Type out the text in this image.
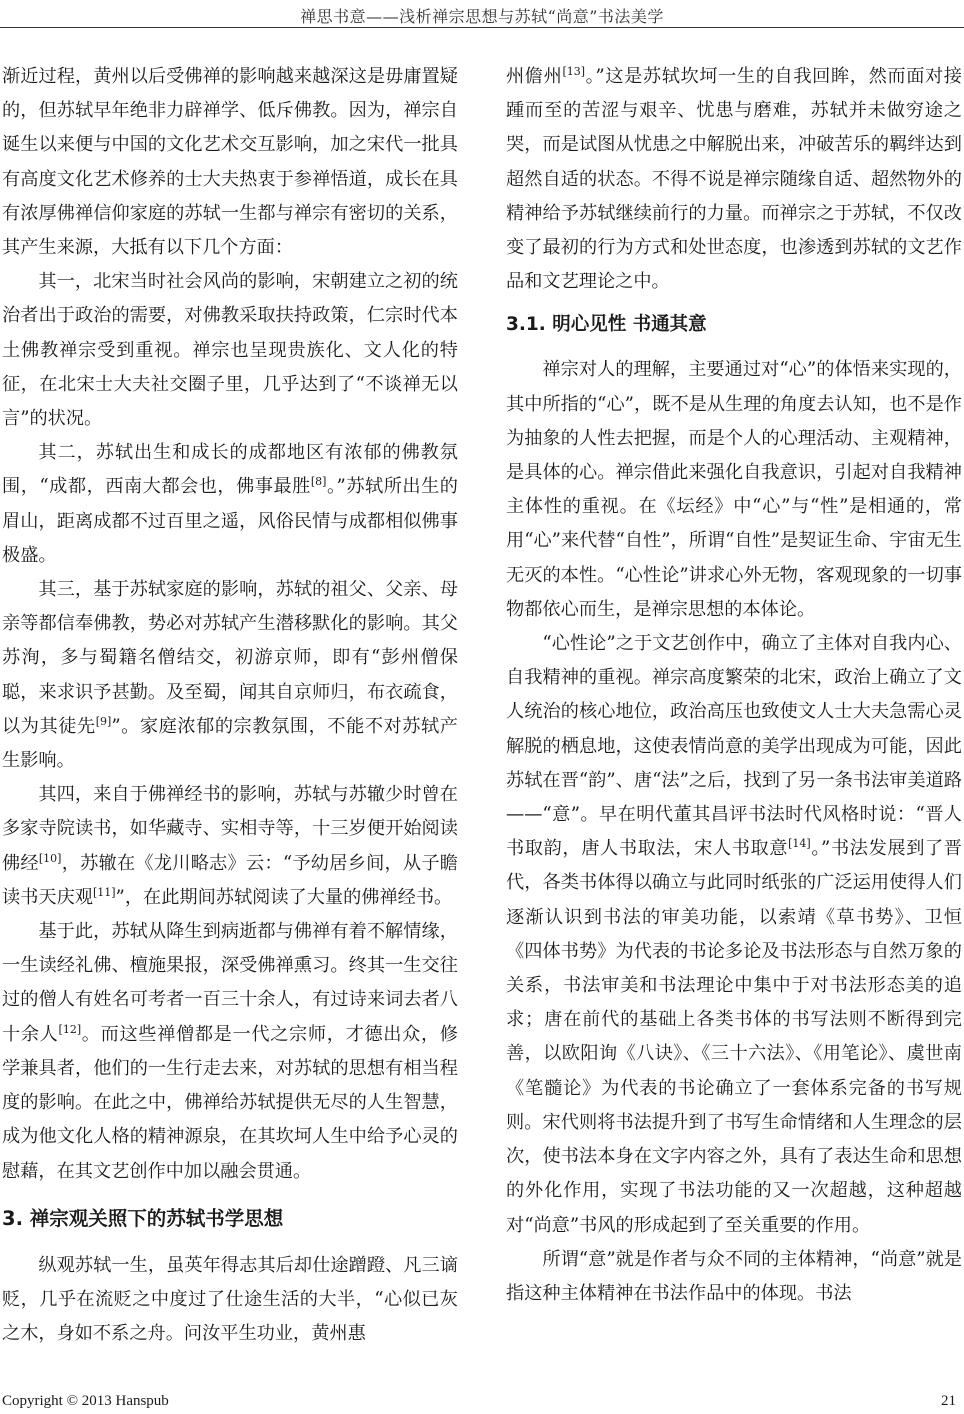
禅思书意——浅析禅宗思想与苏轼“尚意”书法美学

渐近过程，黄州以后受佛禅的影响越来越深这是毋庸置疑的，但苏轼早年绝非力辟禅学、低斥佛教。因为，禅宗自诞生以来便与中国的文化艺术交互影响，加之宋代一批具有高度文化艺术修养的士大夫热衷于参禅悟道，成长在具有浓厚佛禅信仰家庭的苏轼一生都与禅宗有密切的关系，其产生来源，大抵有以下几个方面：

其一，北宋当时社会风尚的影响，宋朝建立之初的统治者出于政治的需要，对佛教采取扶持政策，仁宗时代本土佛教禅宗受到重视。禅宗也呈现贵族化、文人化的特征，在北宋士大夫社交圈子里，几乎达到了“不谈禅无以言”的状况。

其二，苏轼出生和成长的成都地区有浓郁的佛教氛围，“成都，西南大都会也，佛事最胜[8]。”苏轼所出生的眉山，距离成都不过百里之遥，风俗民情与成都相似佛事极盛。

其三，基于苏轼家庭的影响，苏轼的祖父、父亲、母亲等都信奉佛教，势必对苏轼产生潜移默化的影响。其父苏洵，多与蜀籍名僧结交，初游京师，即有“彭州僧保聪，来求识予甚勤。及至蜀，闻其自京师归，布衣疏食，以为其徒先[9]”。家庭浓郁的宗教氛围，不能不对苏轼产生影响。

其四，来自于佛禅经书的影响，苏轼与苏辙少时曾在多家寺院读书，如华藏寺、实相寺等，十三岁便开始阅读佛经[10]，苏辙在《龙川略志》云：“予幼居乡间，从子瞻读书天庆观[11]”，在此期间苏轼阅读了大量的佛禅经书。

基于此，苏轼从降生到病逝都与佛禅有着不解情缘，一生读经礼佛、檀施果报，深受佛禅熏习。终其一生交往过的僧人有姓名可考者一百三十余人，有过诗来词去者八十余人[12]。而这些禅僧都是一代之宗师，才德出众，修学兼具者，他们的一生行走去来，对苏轼的思想有相当程度的影响。在此之中，佛禅给苏轼提供无尽的人生智慧，成为他文化人格的精神源泉，在其坎坷人生中给予心灵的慰藉，在其文艺创作中加以融会贯通。

3. 禅宗观关照下的苏轼书学思想

纵观苏轼一生，虽英年得志其后却仕途蹭蹬、凡三谪贬，几乎在流贬之中度过了仕途生活的大半，“心似已灰之木，身如不系之舟。问汝平生功业，黄州惠

州儋州[13]。”这是苏轼坎坷一生的自我回眸，然而面对接踵而至的苦涩与艰辛、忧患与磨难，苏轼并未做穷途之哭，而是试图从忧患之中解脱出来，冲破苦乐的羁绊达到超然自适的状态。不得不说是禅宗随缘自适、超然物外的精神给予苏轼继续前行的力量。而禅宗之于苏轼，不仅改变了最初的行为方式和处世态度，也渗透到苏轼的文艺作品和文艺理论之中。

3.1. 明心见性 书通其意

禅宗对人的理解，主要通过对“心”的体悟来实现的，其中所指的“心”，既不是从生理的角度去认知，也不是作为抽象的人性去把握，而是个人的心理活动、主观精神，是具体的心。禅宗借此来强化自我意识，引起对自我精神主体性的重视。在《坛经》中“心”与“性”是相通的，常用“心”来代替“自性”，所谓“自性”是契证生命、宇宙无生无灭的本性。“心性论”讲求心外无物，客观现象的一切事物都依心而生，是禅宗思想的本体论。

“心性论”之于文艺创作中，确立了主体对自我内心、自我精神的重视。禅宗高度繁荣的北宋，政治上确立了文人统治的核心地位，政治高压也致使文人士大夫急需心灵解脱的栖息地，这使表情尚意的美学出现成为可能，因此苏轼在晋“韵”、唐“法”之后，找到了另一条书法审美道路——“意”。早在明代董其昌评书法时代风格时说：“晋人书取韵，唐人书取法，宋人书取意[14]。”书法发展到了晋代，各类书体得以确立与此同时纸张的广泛运用使得人们逐渐认识到书法的审美功能，以索靖《草书势》、卫恒《四体书势》为代表的书论多论及书法形态与自然万象的关系，书法审美和书法理论中集中于对书法形态美的追求；唐在前代的基础上各类书体的书写法则不断得到完善，以欧阳询《八诀》、《三十六法》、《用笔论》、虞世南《笔髓论》为代表的书论确立了一套体系完备的书写规则。宋代则将书法提升到了书写生命情绪和人生理念的层次，使书法本身在文字内容之外，具有了表达生命和思想的外化作用，实现了书法功能的又一次超越，这种超越对“尚意”书风的形成起到了至关重要的作用。

所谓“意”就是作者与众不同的主体精神，“尚意”就是指这种主体精神在书法作品中的体现。书法

Copyright © 2013 Hanspub	21
